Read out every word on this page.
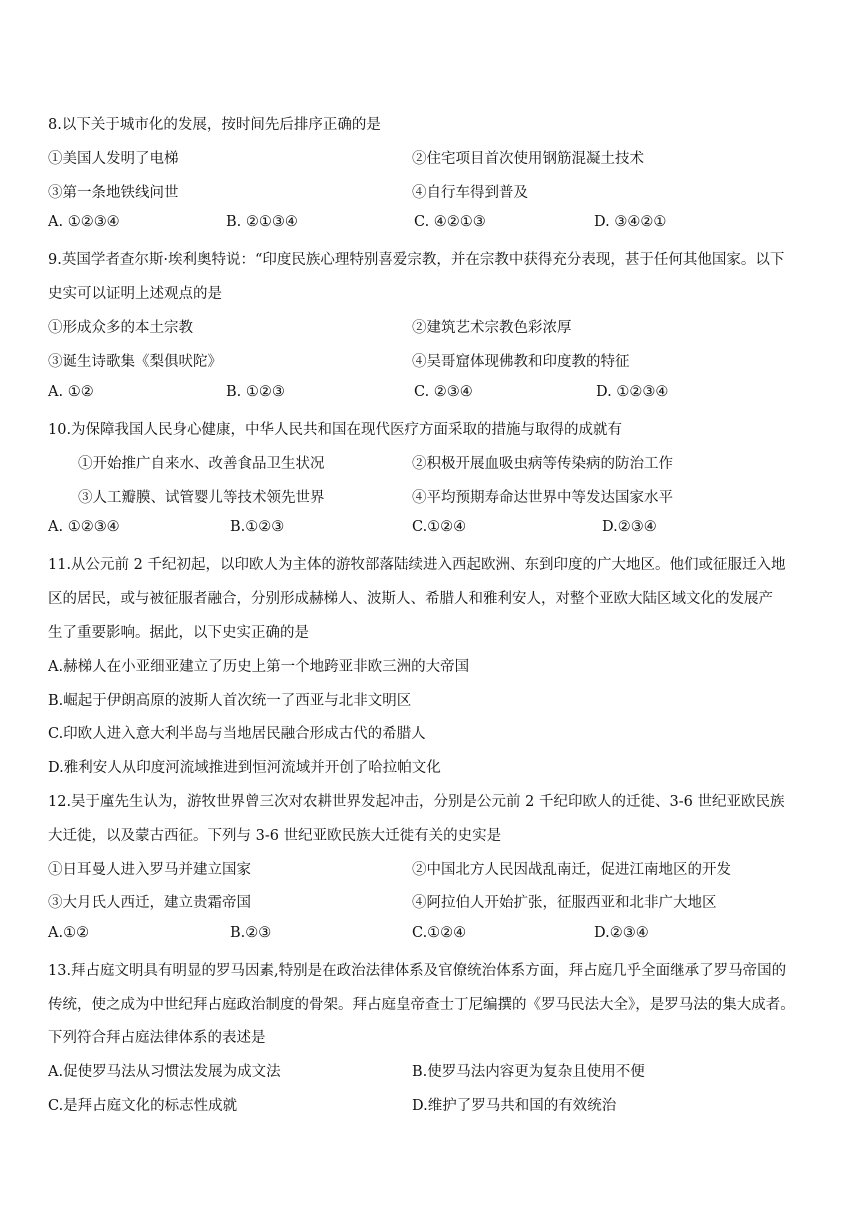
8.以下关于城市化的发展，按时间先后排序正确的是
①美国人发明了电梯	②住宅项目首次使用钢筋混凝土技术
③第一条地铁线问世	④自行车得到普及
A. ①②③④	B. ②①③④	C. ④②①③	D. ③④②①
9.英国学者查尔斯·埃利奥特说：“印度民族心理特别喜爱宗教，并在宗教中获得充分表现，甚于任何其他国家。以下
史实可以证明上述观点的是
①形成众多的本土宗教	②建筑艺术宗教色彩浓厚
③诞生诗歌集《梨俱吠陀》	④吴哥窟体现佛教和印度教的特征
A. ①②	B. ①②③	C. ②③④	D. ①②③④
10.为保障我国人民身心健康，中华人民共和国在现代医疗方面采取的措施与取得的成就有
①开始推广自来水、改善食品卫生状况	②积极开展血吸虫病等传染病的防治工作
③人工瓣膜、试管婴儿等技术领先世界	④平均预期寿命达世界中等发达国家水平
A. ①②③④	B.①②③	C.①②④	D.②③④
11.从公元前 2 千纪初起，以印欧人为主体的游牧部落陆续进入西起欧洲、东到印度的广大地区。他们或征服迁入地
区的居民，或与被征服者融合，分别形成赫梯人、波斯人、希腊人和雅利安人，对整个亚欧大陆区域文化的发展产
生了重要影响。据此，以下史实正确的是
A.赫梯人在小亚细亚建立了历史上第一个地跨亚非欧三洲的大帝国
B.崛起于伊朗高原的波斯人首次统一了西亚与北非文明区
C.印欧人进入意大利半岛与当地居民融合形成古代的希腊人
D.雅利安人从印度河流域推进到恒河流域并开创了哈拉帕文化
12.吴于廑先生认为，游牧世界曾三次对农耕世界发起冲击，分别是公元前 2 千纪印欧人的迁徙、3-6 世纪亚欧民族
大迁徙，以及蒙古西征。下列与 3-6 世纪亚欧民族大迁徙有关的史实是
①日耳曼人进入罗马并建立国家	②中国北方人民因战乱南迁，促进江南地区的开发
③大月氏人西迁，建立贵霜帝国	④阿拉伯人开始扩张，征服西亚和北非广大地区
A.①②	B.②③	C.①②④	D.②③④
13.拜占庭文明具有明显的罗马因素,特别是在政治法律体系及官僚统治体系方面，拜占庭几乎全面继承了罗马帝国的
传统，使之成为中世纪拜占庭政治制度的骨架。拜占庭皇帝查士丁尼编撰的《罗马民法大全》，是罗马法的集大成者。
下列符合拜占庭法律体系的表述是
A.促使罗马法从习惯法发展为成文法	B.使罗马法内容更为复杂且使用不便
C.是拜占庭文化的标志性成就	D.维护了罗马共和国的有效统治
